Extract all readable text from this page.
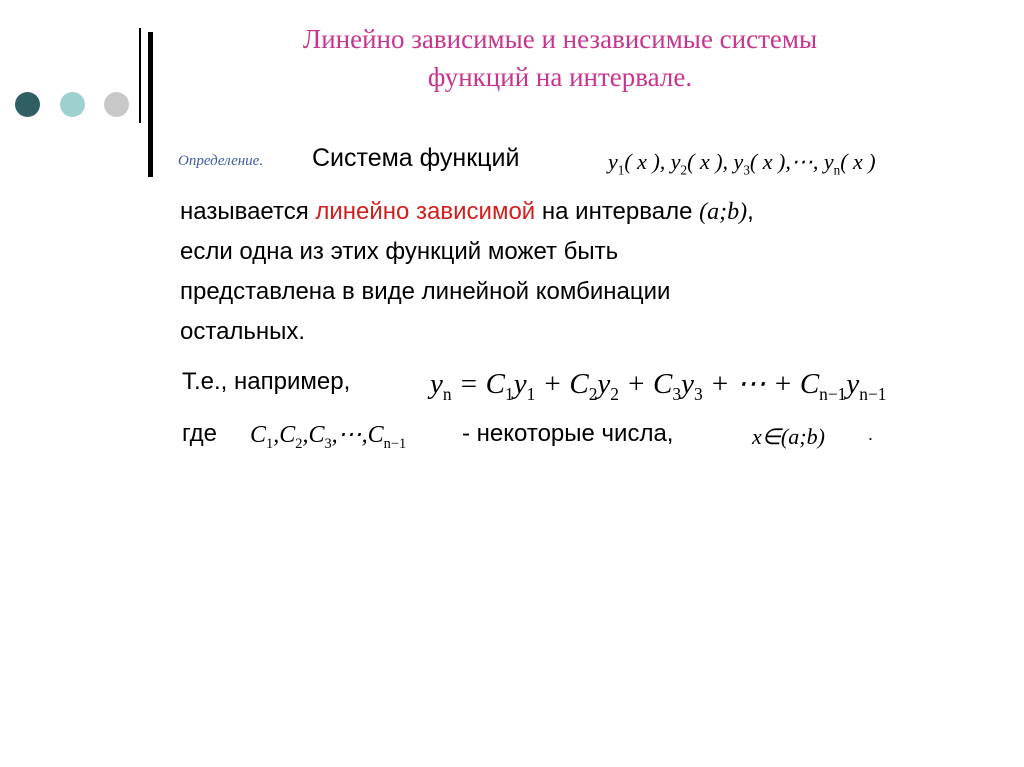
Линейно зависимые и независимые системы
функций на интервале.
Определение. Система функций	$y_1$( x ), $y_2$( x ), $y_3$( x ),⋯, $y_n$( x )
называется линейно зависимой на интервале (a;b),
если одна из этих функций может быть
представлена в виде линейной комбинации
остальных.
Т.е., например,	$y_n = C_1y_1 + C_2y_2 + C_3y_3$ + ⋯ + $C_{n-1}y_{n-1}$
где $C_1,C_2,C_3,\cdots,C_{n-1}$ - некоторые числа,	x∈(a;b) .
